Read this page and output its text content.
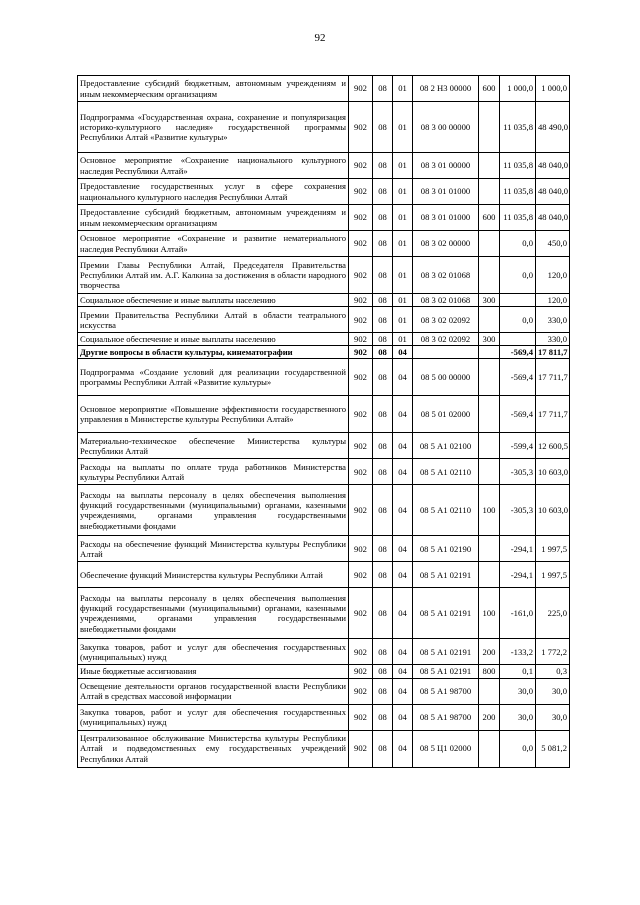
92
Предоставление субсидий бюджетным, автономным учреждениям и иным некоммерческим организациям	902	08	01	08 2 Н3 00000	600	1 000,0	1 000,0
Подпрограмма «Государственная охрана, сохранение и популяризация историко-культурного наследия» государственной программы Республики Алтай «Развитие культуры»	902	08	01	08 3 00 00000		11 035,8	48 490,0
Основное мероприятие «Сохранение национального культурного наследия Республики Алтай»	902	08	01	08 3 01 00000		11 035,8	48 040,0
Предоставление государственных услуг в сфере сохранения национального культурного наследия Республики Алтай	902	08	01	08 3 01 01000		11 035,8	48 040,0
Предоставление субсидий бюджетным, автономным учреждениям и иным некоммерческим организациям	902	08	01	08 3 01 01000	600	11 035,8	48 040,0
Основное мероприятие «Сохранение и развитие нематериального наследия Республики Алтай»	902	08	01	08 3 02 00000		0,0	450,0
Премии Главы Республики Алтай, Председателя Правительства Республики Алтай им. А.Г. Калкина за достижения в области народного творчества	902	08	01	08 3 02 01068		0,0	120,0
Социальное обеспечение и иные выплаты населению	902	08	01	08 3 02 01068	300		120,0
Премии Правительства Республики Алтай в области театрального искусства	902	08	01	08 3 02 02092		0,0	330,0
Социальное обеспечение и иные выплаты населению	902	08	01	08 3 02 02092	300		330,0
Другие вопросы в области культуры, кинематографии	902	08	04			-569,4	17 811,7
Подпрограмма «Создание условий для реализации государственной программы Республики Алтай «Развитие культуры»	902	08	04	08 5 00 00000		-569,4	17 711,7
Основное мероприятие «Повышение эффективности государственного управления в Министерстве культуры Республики Алтай»	902	08	04	08 5 01 02000		-569,4	17 711,7
Материально-техническое обеспечение Министерства культуры Республики Алтай	902	08	04	08 5 А1 02100		-599,4	12 600,5
Расходы на выплаты по оплате труда работников Министерства культуры Республики Алтай	902	08	04	08 5 А1 02110		-305,3	10 603,0
Расходы на выплаты персоналу в целях обеспечения выполнения функций государственными (муниципальными) органами, казенными учреждениями, органами управления государственными внебюджетными фондами	902	08	04	08 5 А1 02110	100	-305,3	10 603,0
Расходы на обеспечение функций Министерства культуры Республики Алтай	902	08	04	08 5 А1 02190		-294,1	1 997,5
Обеспечение функций Министерства культуры Республики Алтай	902	08	04	08 5 А1 02191		-294,1	1 997,5
Расходы на выплаты персоналу в целях обеспечения выполнения функций государственными (муниципальными) органами, казенными учреждениями, органами управления государственными внебюджетными фондами	902	08	04	08 5 А1 02191	100	-161,0	225,0
Закупка товаров, работ и услуг для обеспечения государственных (муниципальных) нужд	902	08	04	08 5 А1 02191	200	-133,2	1 772,2
Иные бюджетные ассигнования	902	08	04	08 5 А1 02191	800	0,1	0,3
Освещение деятельности органов государственной власти Республики Алтай в средствах массовой информации	902	08	04	08 5 А1 98700		30,0	30,0
Закупка товаров, работ и услуг для обеспечения государственных (муниципальных) нужд	902	08	04	08 5 А1 98700	200	30,0	30,0
Централизованное обслуживание Министерства культуры Республики Алтай и подведомственных ему государственных учреждений Республики Алтай	902	08	04	08 5 Ц1 02000		0,0	5 081,2
